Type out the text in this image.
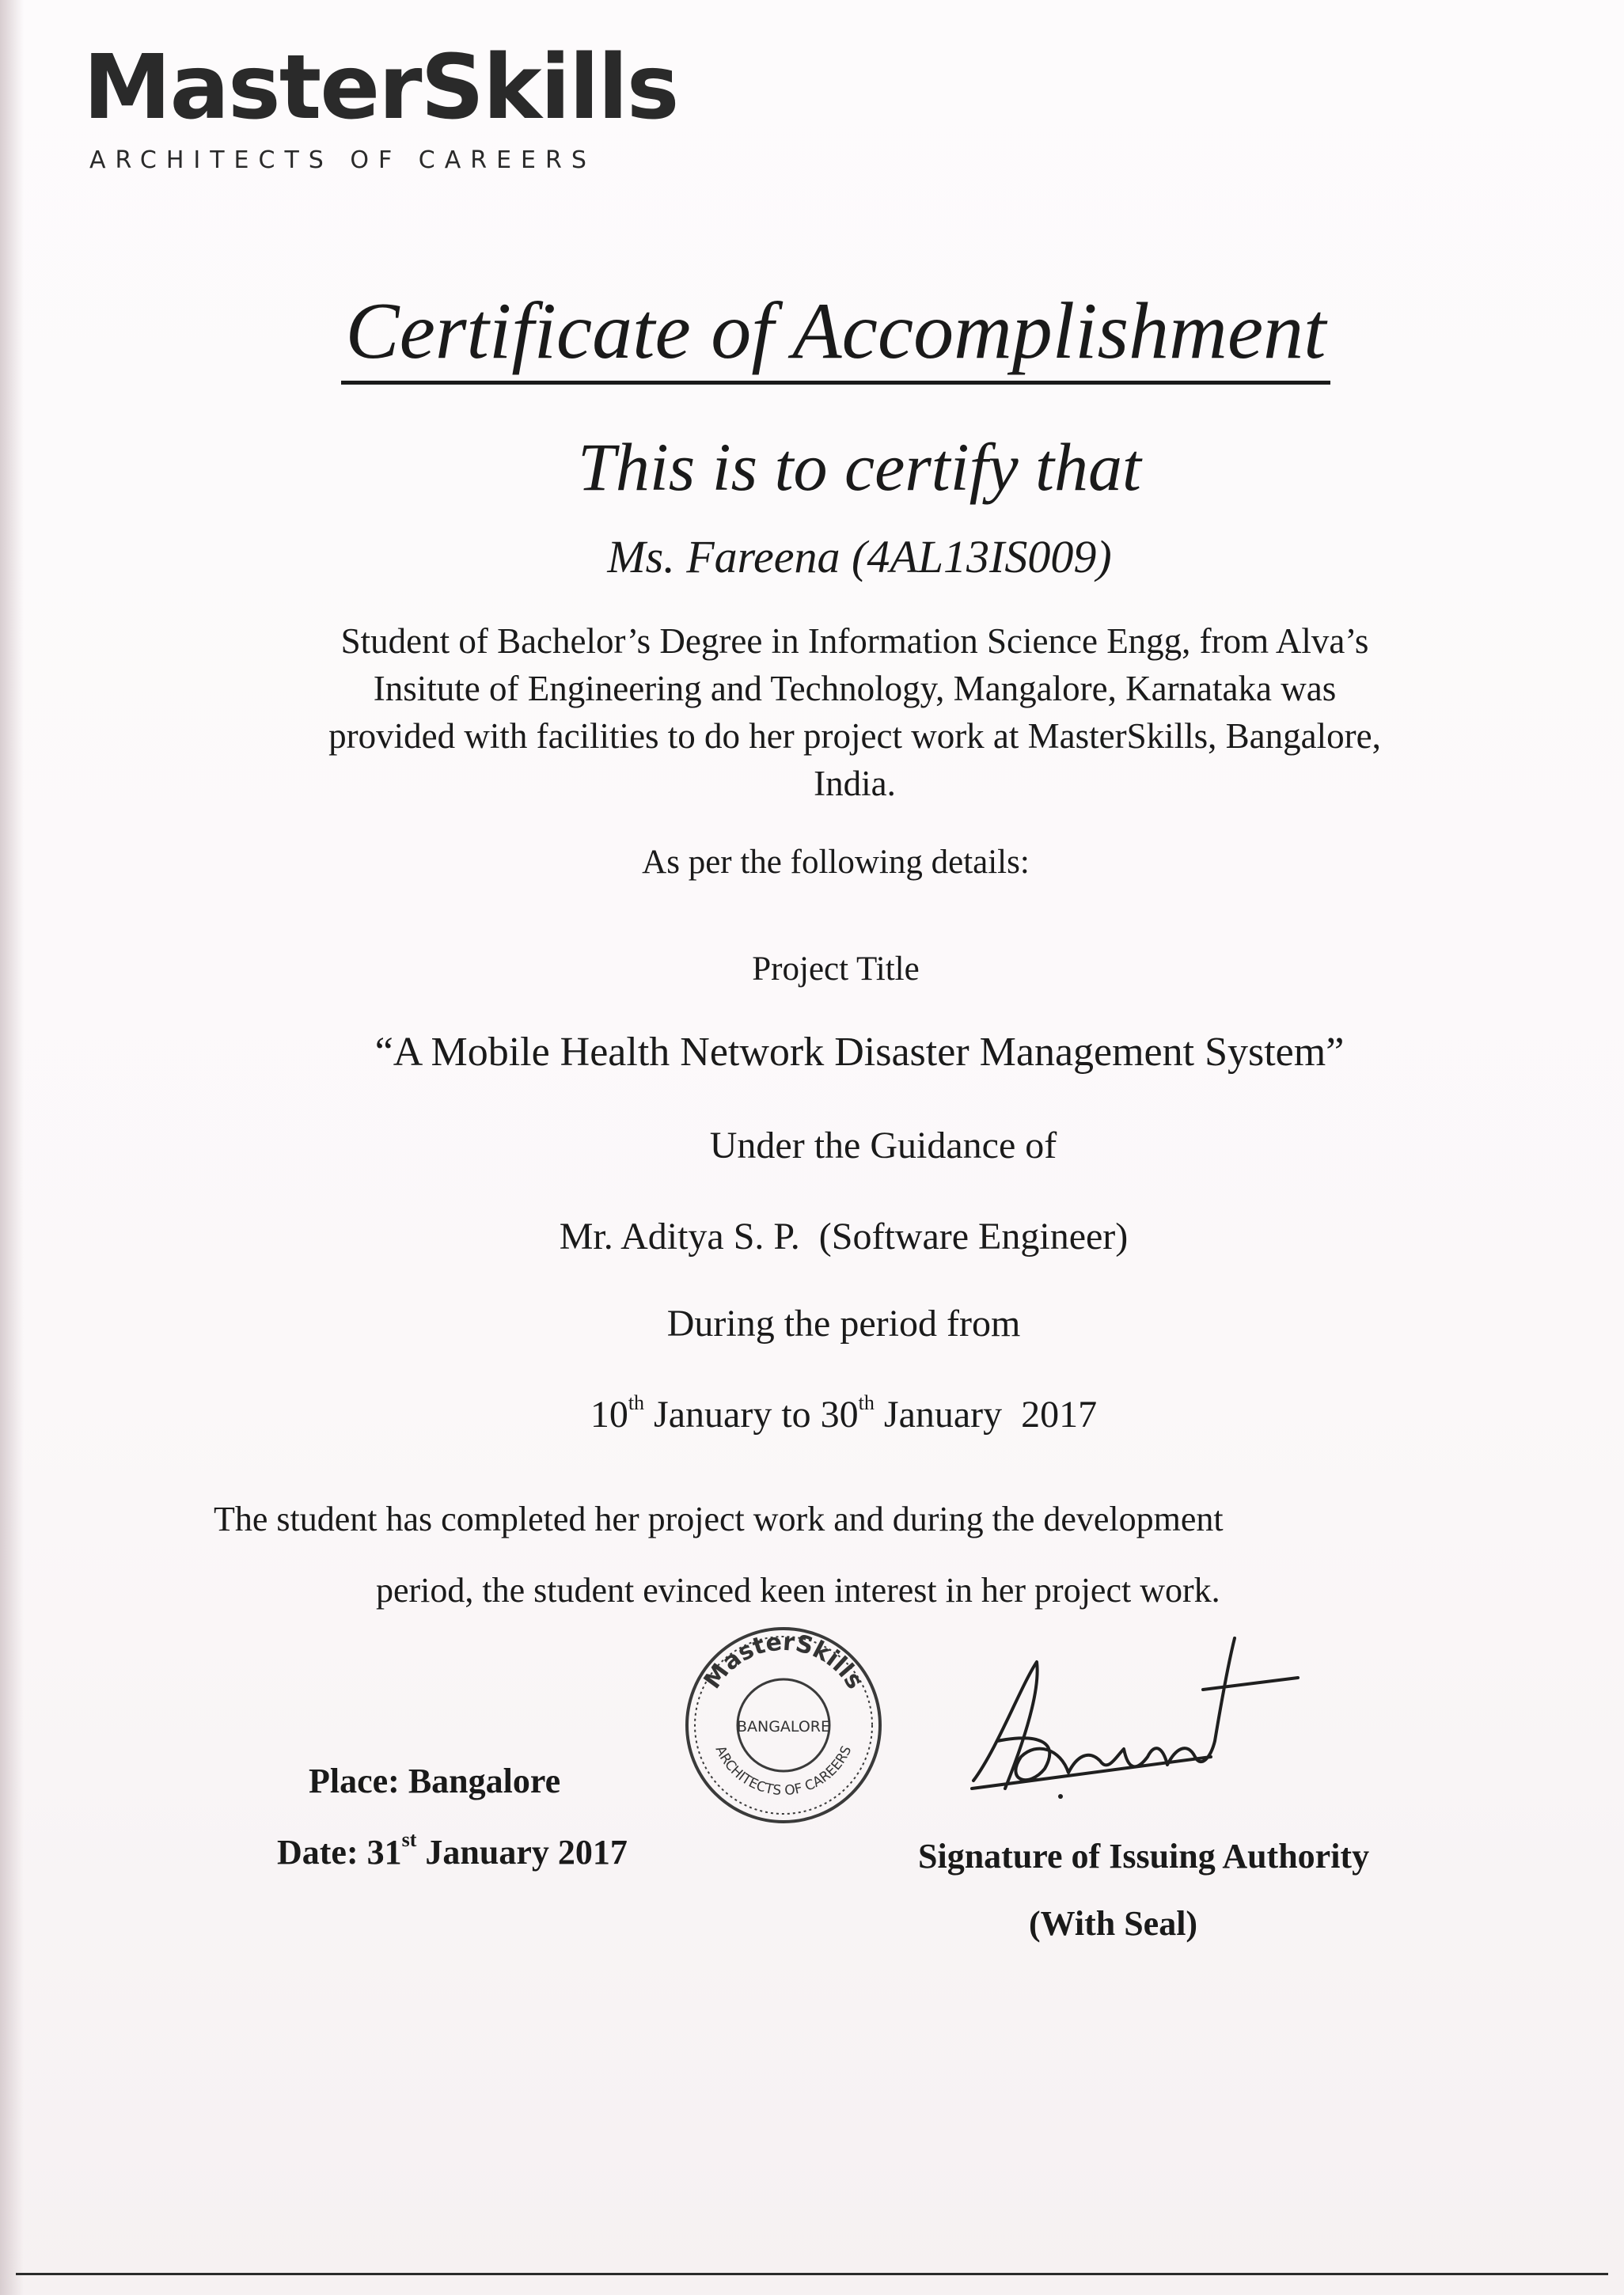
MasterSkills
ARCHITECTS OF CAREERS
Certificate of Accomplishment
This is to certify that
Ms. Fareena (4AL13IS009)
Student of Bachelor’s Degree in Information Science Engg, from Alva’s
Insitute of Engineering and Technology, Mangalore, Karnataka was
provided with facilities to do her project work at MasterSkills, Bangalore,
India.
As per the following details:
Project Title
“A Mobile Health Network Disaster Management System”
Under the Guidance of
Mr. Aditya S. P.  (Software Engineer)
During the period from
10th January to 30th January  2017
The student has completed her project work and during the development
period, the student evinced keen interest in her project work.
Place: Bangalore
Date: 31st January 2017
MasterSkills
ARCHITECTS OF CAREERS
BANGALORE
Signature of Issuing Authority
(With Seal)
